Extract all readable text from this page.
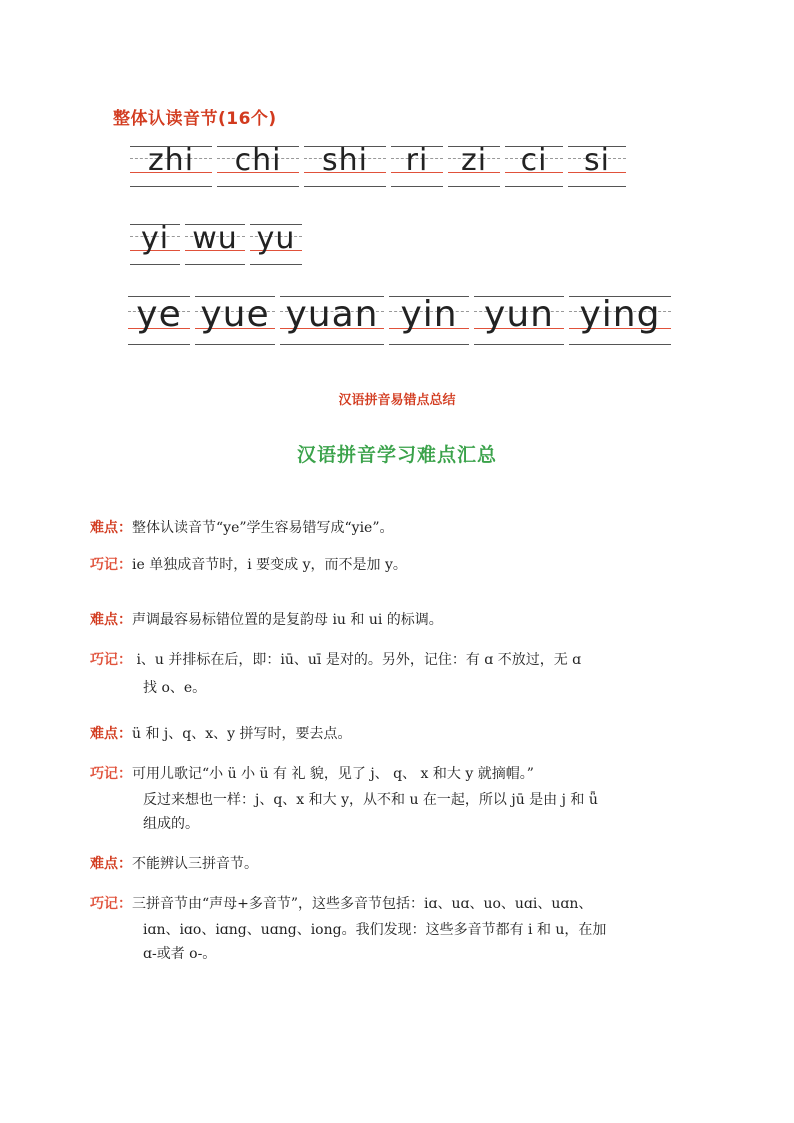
整体认读音节(16个)
zhi	chi	shi	ri	zi	ci	si
yi wu yu
ye yue yuan yin yun ying
汉语拼音易错点总结
汉语拼音学习难点汇总
难点：整体认读音节“ye”学生容易错写成“yie”。
巧记：ie 单独成音节时，i 要变成 y，而不是加 y。
难点：声调最容易标错位置的是复韵母 iu 和 ui 的标调。
巧记： i、u 并排标在后，即：iū、uī 是对的。另外，记住：有 ɑ 不放过，无 ɑ
找 o、e。
难点：ü 和 j、q、x、y 拼写时，要去点。
巧记：可用儿歌记“小 ü 小 ü 有 礼 貌，见了 j、 q、 x 和大 y 就摘帽。”
反过来想也一样：j、q、x 和大 y，从不和 u 在一起，所以 jū 是由 j 和 ǖ
组成的。
难点：不能辨认三拼音节。
巧记：三拼音节由“声母+多音节”，这些多音节包括：iɑ、uɑ、uo、uɑi、uɑn、
iɑn、iɑo、iɑng、uɑng、iong。我们发现：这些多音节都有 i 和 u，在加
ɑ-或者 o-。
